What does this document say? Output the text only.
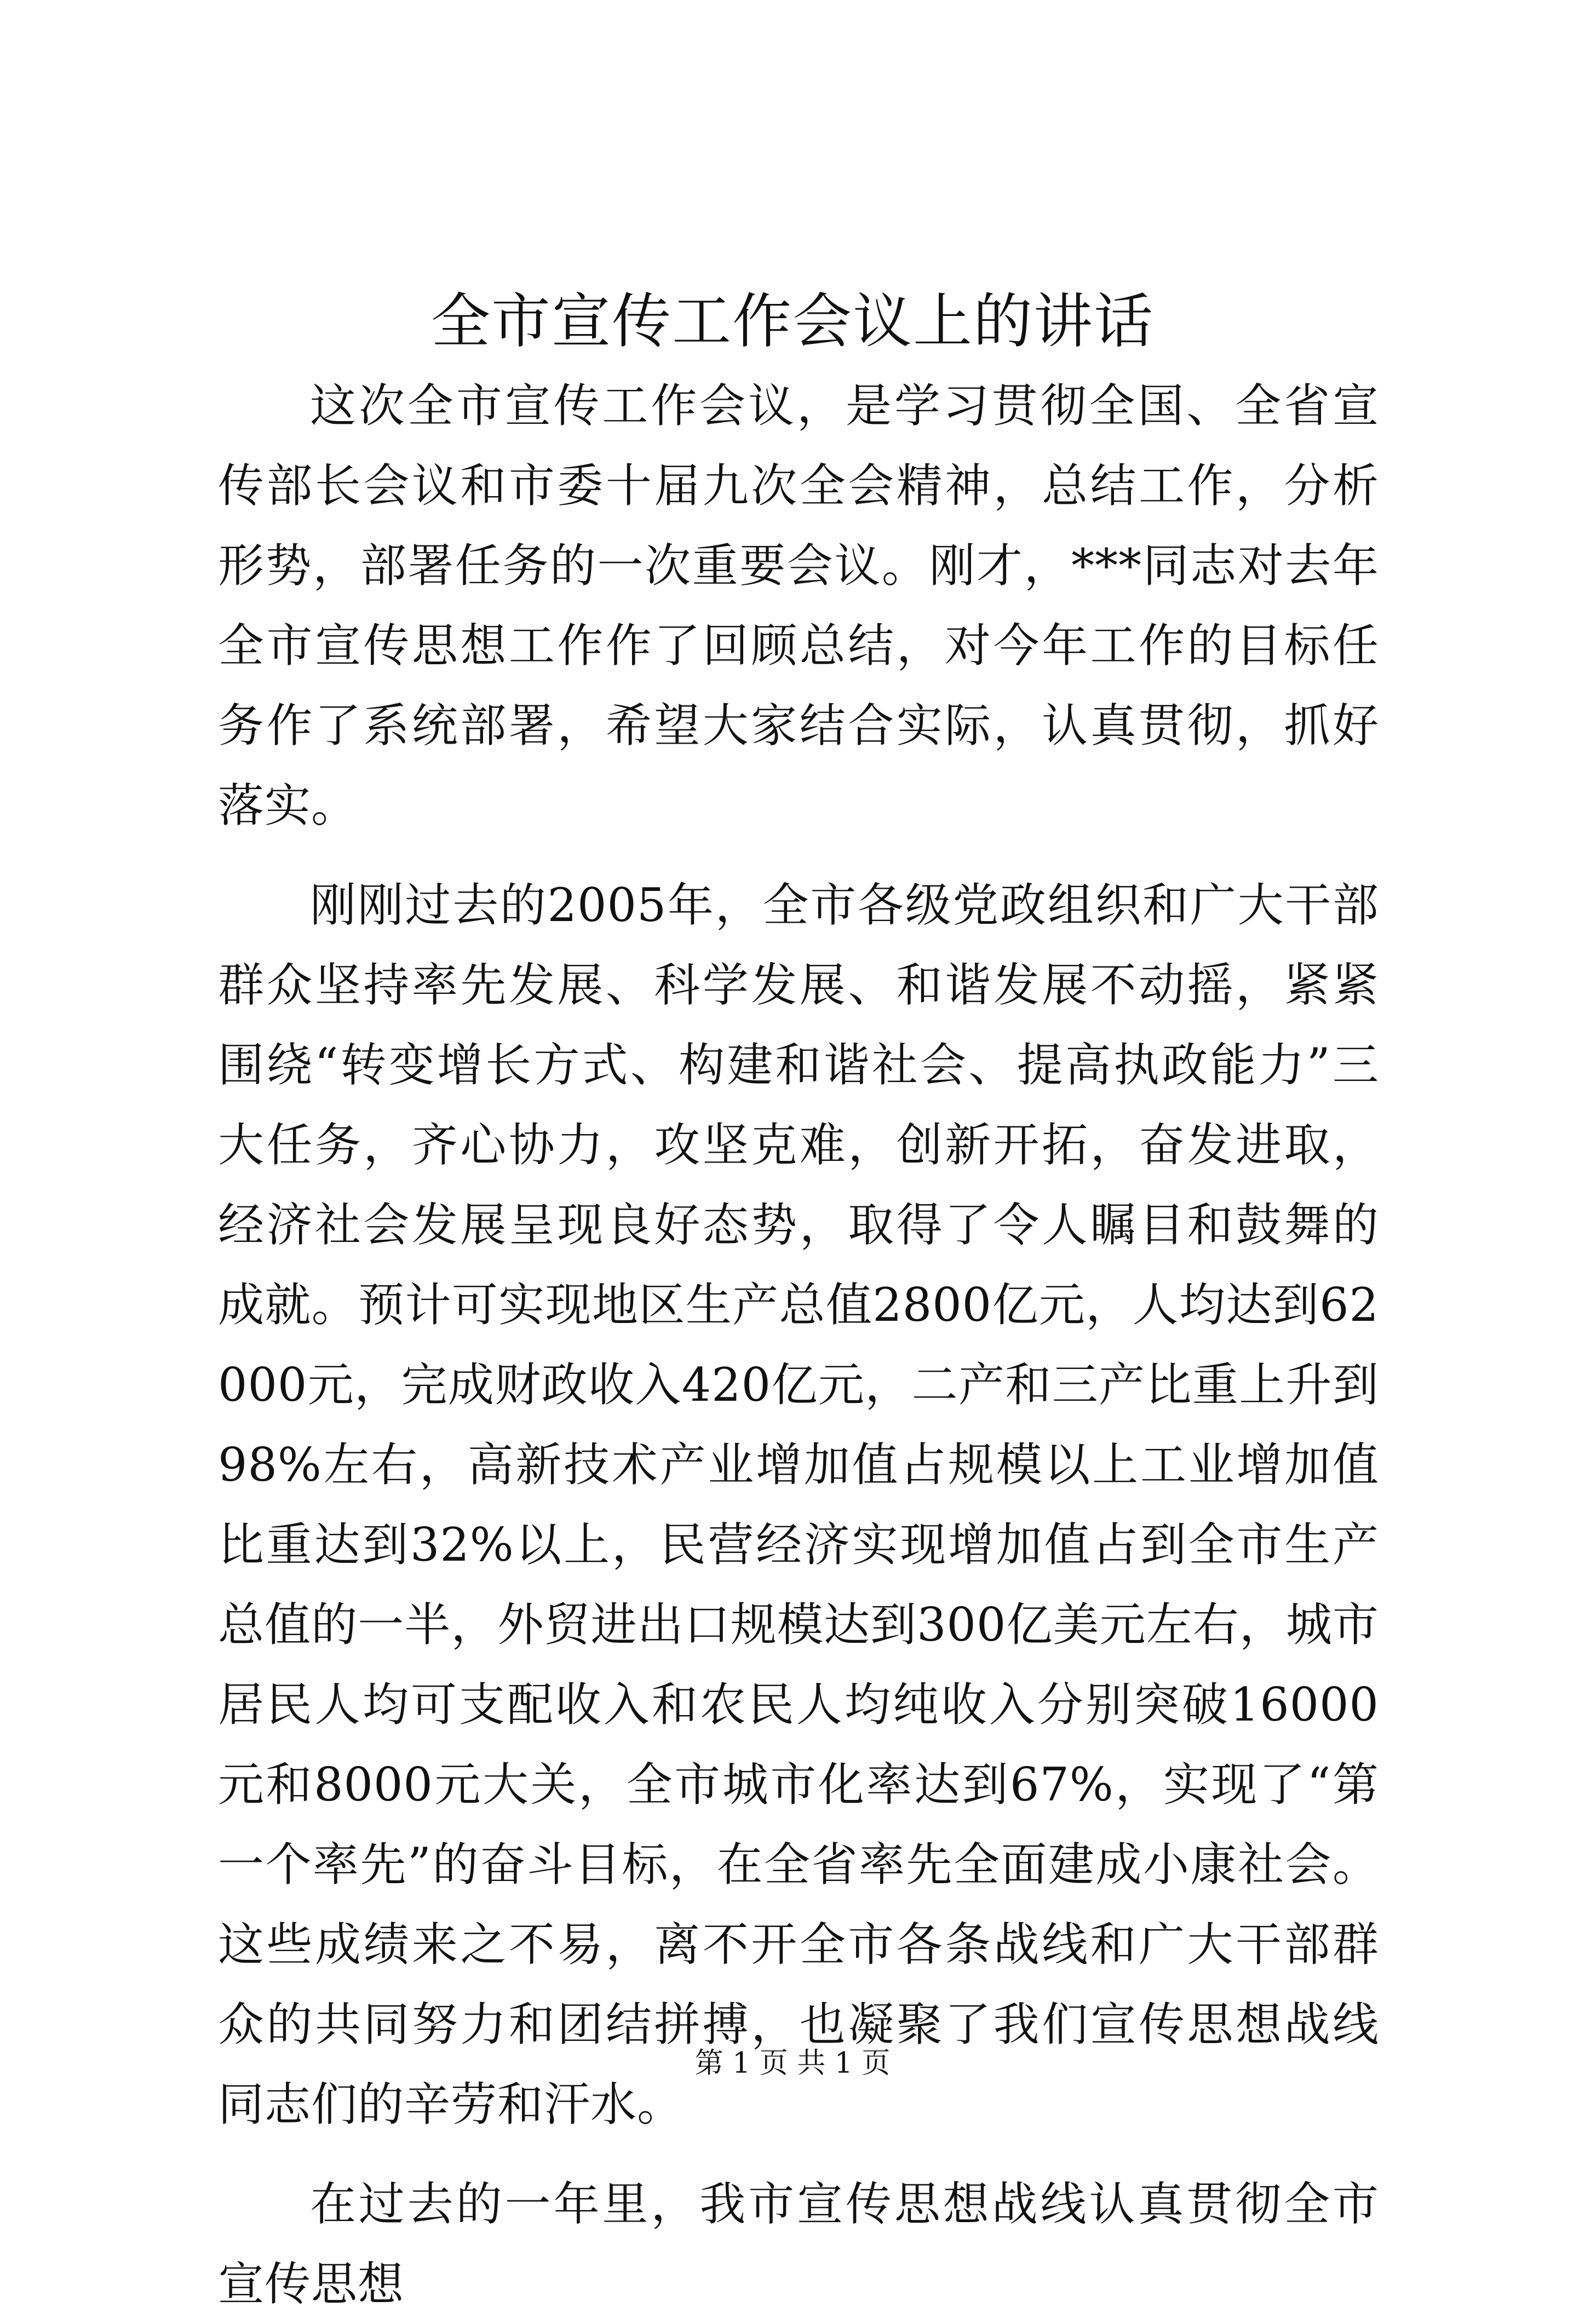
全市宣传工作会议上的讲话

这次全市宣传工作会议，是学习贯彻全国、全省宣传部长会议和市委十届九次全会精神，总结工作，分析形势，部署任务的一次重要会议。刚才，***同志对去年全市宣传思想工作作了回顾总结，对今年工作的目标任务作了系统部署，希望大家结合实际，认真贯彻，抓好落实。

刚刚过去的2005年，全市各级党政组织和广大干部群众坚持率先发展、科学发展、和谐发展不动摇，紧紧围绕“转变增长方式、构建和谐社会、提高执政能力”三大任务，齐心协力，攻坚克难，创新开拓，奋发进取，经济社会发展呈现良好态势，取得了令人瞩目和鼓舞的成就。预计可实现地区生产总值2800亿元，人均达到62000元，完成财政收入420亿元，二产和三产比重上升到98%左右，高新技术产业增加值占规模以上工业增加值比重达到32%以上，民营经济实现增加值占到全市生产总值的一半，外贸进出口规模达到300亿美元左右，城市居民人均可支配收入和农民人均纯收入分别突破16000元和8000元大关，全市城市化率达到67%，实现了“第一个率先”的奋斗目标，在全省率先全面建成小康社会。这些成绩来之不易，离不开全市各条战线和广大干部群众的共同努力和团结拼搏，也凝聚了我们宣传思想战线同志们的辛劳和汗水。

在过去的一年里，我市宣传思想战线认真贯彻全市宣传思想

第 1 页 共 1 页
